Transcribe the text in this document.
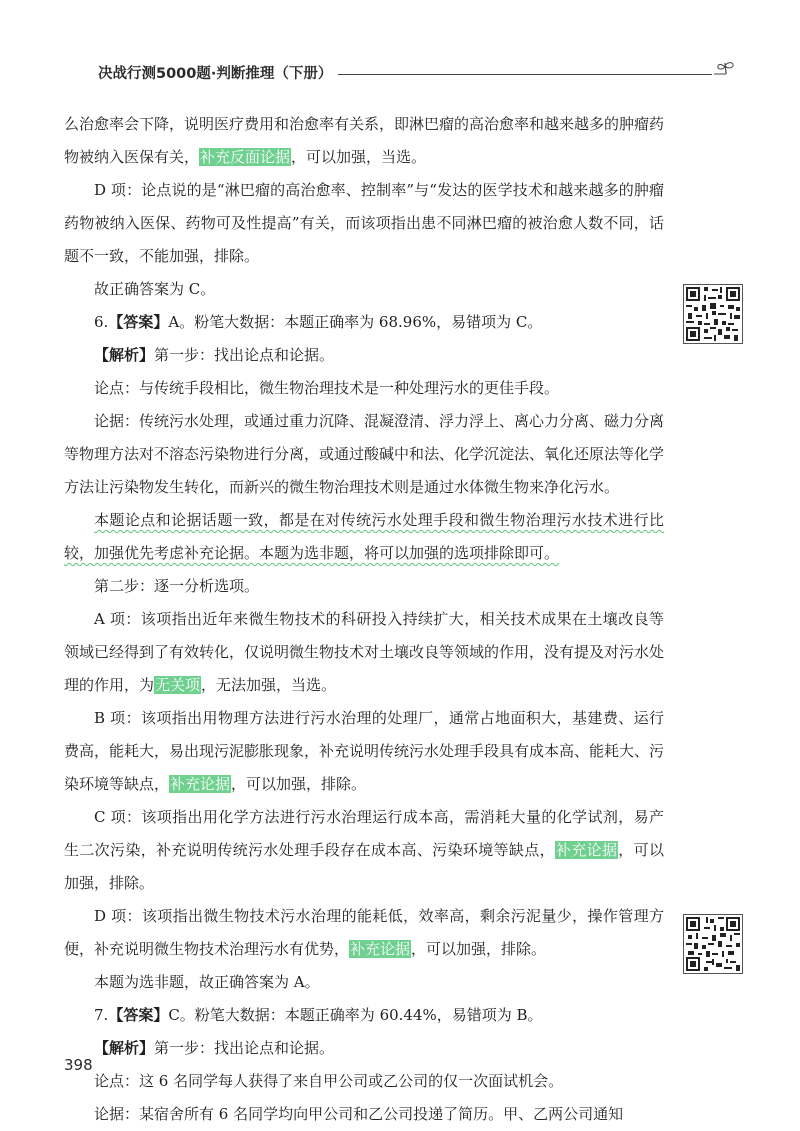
决战行测5000题·判断推理（下册）

么治愈率会下降，说明医疗费用和治愈率有关系，即淋巴瘤的高治愈率和越来越多的肿瘤药物被纳入医保有关，补充反面论据，可以加强，当选。

D 项：论点说的是“淋巴瘤的高治愈率、控制率”与“发达的医学技术和越来越多的肿瘤药物被纳入医保、药物可及性提高”有关，而该项指出患不同淋巴瘤的被治愈人数不同，话题不一致，不能加强，排除。

故正确答案为 C。

6.【答案】A。粉笔大数据：本题正确率为 68.96%，易错项为 C。

【解析】第一步：找出论点和论据。

论点：与传统手段相比，微生物治理技术是一种处理污水的更佳手段。

论据：传统污水处理，或通过重力沉降、混凝澄清、浮力浮上、离心力分离、磁力分离等物理方法对不溶态污染物进行分离，或通过酸碱中和法、化学沉淀法、氧化还原法等化学方法让污染物发生转化，而新兴的微生物治理技术则是通过水体微生物来净化污水。

本题论点和论据话题一致，都是在对传统污水处理手段和微生物治理污水技术进行比较，加强优先考虑补充论据。本题为选非题，将可以加强的选项排除即可。

第二步：逐一分析选项。

A 项：该项指出近年来微生物技术的科研投入持续扩大，相关技术成果在土壤改良等领域已经得到了有效转化，仅说明微生物技术对土壤改良等领域的作用，没有提及对污水处理的作用，为无关项，无法加强，当选。

B 项：该项指出用物理方法进行污水治理的处理厂，通常占地面积大，基建费、运行费高，能耗大，易出现污泥膨胀现象，补充说明传统污水处理手段具有成本高、能耗大、污染环境等缺点，补充论据，可以加强，排除。

C 项：该项指出用化学方法进行污水治理运行成本高，需消耗大量的化学试剂，易产生二次污染，补充说明传统污水处理手段存在成本高、污染环境等缺点，补充论据，可以加强，排除。

D 项：该项指出微生物技术污水治理的能耗低，效率高，剩余污泥量少，操作管理方便，补充说明微生物技术治理污水有优势，补充论据，可以加强，排除。

本题为选非题，故正确答案为 A。

7.【答案】C。粉笔大数据：本题正确率为 60.44%，易错项为 B。

【解析】第一步：找出论点和论据。

论点：这 6 名同学每人获得了来自甲公司或乙公司的仅一次面试机会。

论据：某宿舍所有 6 名同学均向甲公司和乙公司投递了简历。甲、乙两公司通知

398
